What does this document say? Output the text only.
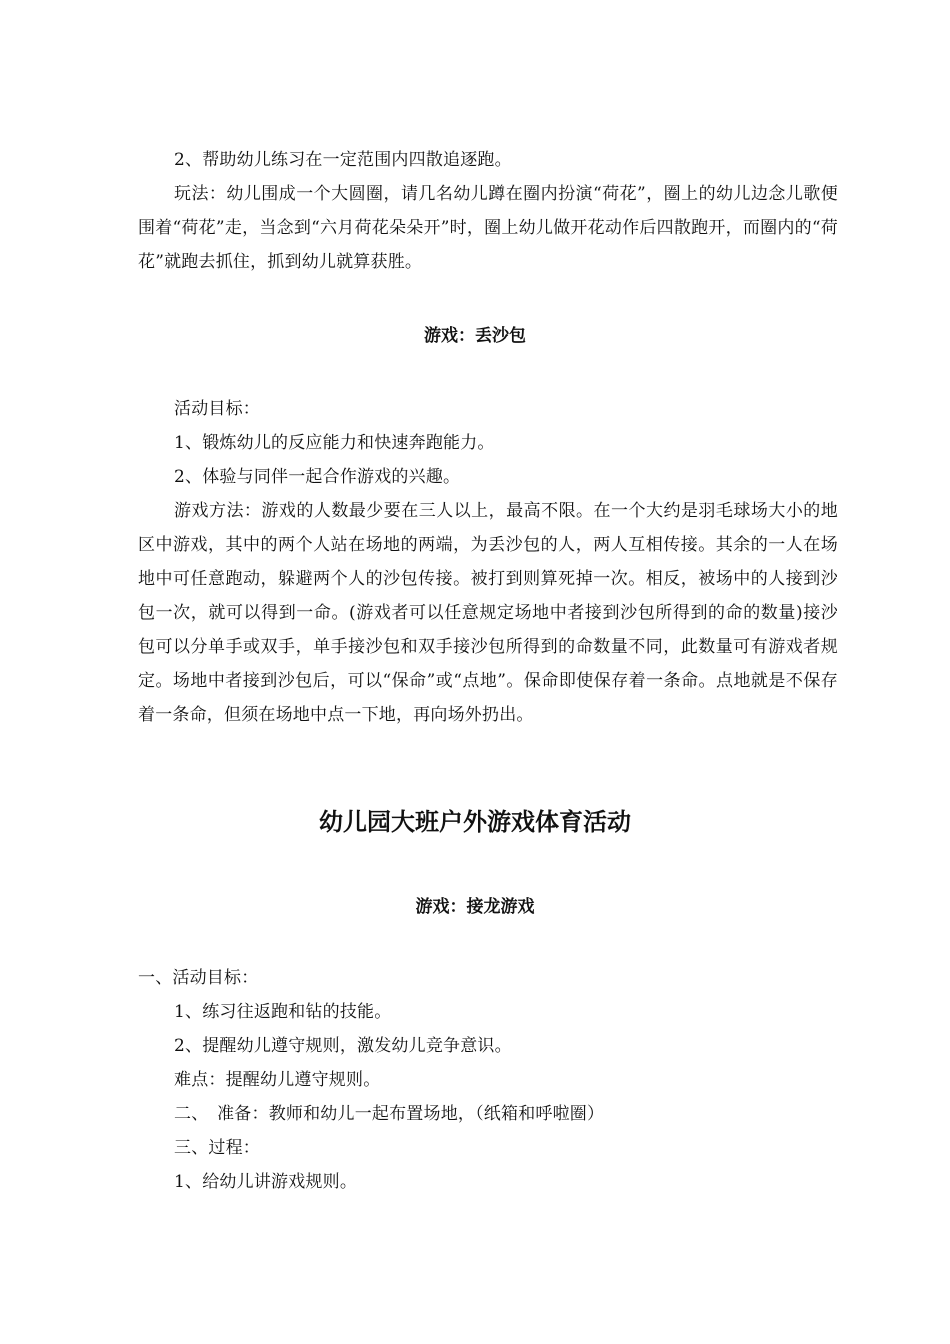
2、帮助幼儿练习在一定范围内四散追逐跑。

玩法：幼儿围成一个大圆圈，请几名幼儿蹲在圈内扮演“荷花”，圈上的幼儿边念儿歌便围着“荷花”走，当念到“六月荷花朵朵开”时，圈上幼儿做开花动作后四散跑开，而圈内的“荷花”就跑去抓住，抓到幼儿就算获胜。

游戏：丢沙包

活动目标：

1、锻炼幼儿的反应能力和快速奔跑能力。

2、体验与同伴一起合作游戏的兴趣。

游戏方法：游戏的人数最少要在三人以上，最高不限。在一个大约是羽毛球场大小的地区中游戏，其中的两个人站在场地的两端，为丢沙包的人，两人互相传接。其余的一人在场地中可任意跑动，躲避两个人的沙包传接。被打到则算死掉一次。相反，被场中的人接到沙包一次，就可以得到一命。(游戏者可以任意规定场地中者接到沙包所得到的命的数量)接沙包可以分单手或双手，单手接沙包和双手接沙包所得到的命数量不同，此数量可有游戏者规定。场地中者接到沙包后，可以“保命”或“点地”。保命即使保存着一条命。点地就是不保存着一条命，但须在场地中点一下地，再向场外扔出。

幼儿园大班户外游戏体育活动
游戏：接龙游戏

一、活动目标：

1、练习往返跑和钻的技能。

2、提醒幼儿遵守规则，激发幼儿竞争意识。

难点：提醒幼儿遵守规则。

二、　准备：教师和幼儿一起布置场地，（纸箱和呼啦圈）

三、过程：

1、给幼儿讲游戏规则。
